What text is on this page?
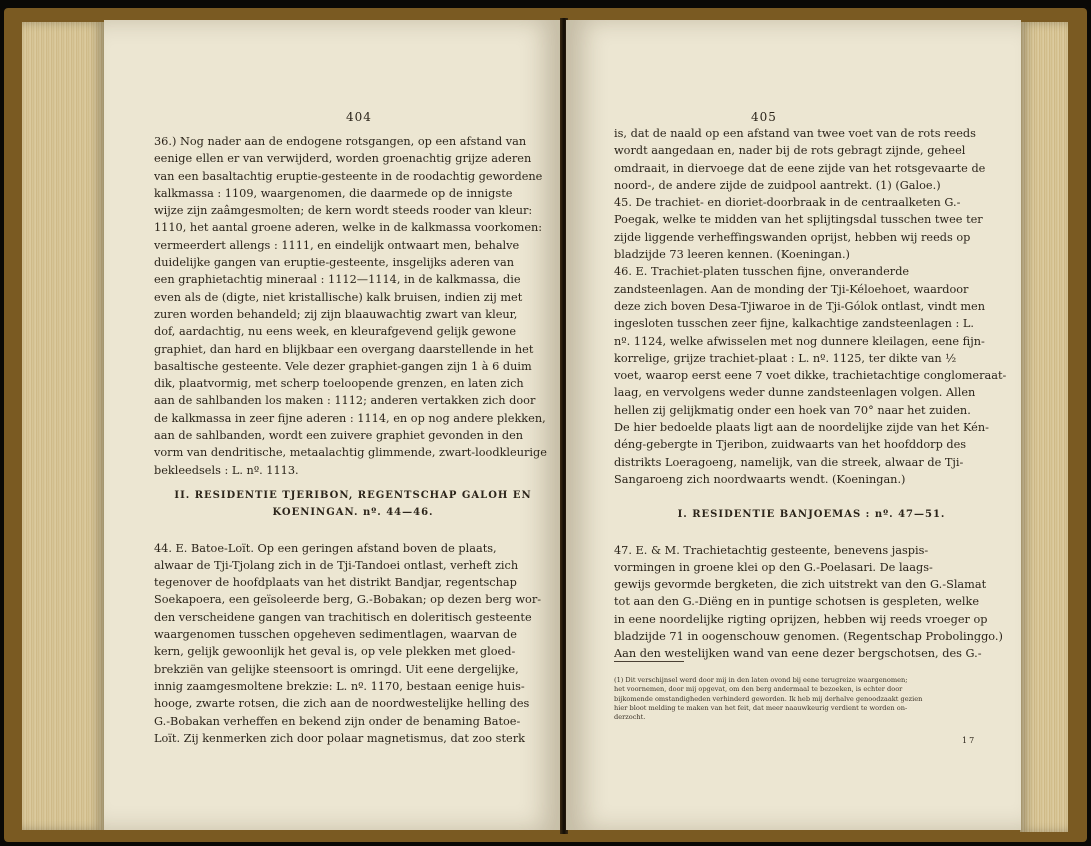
404
36.) Nog nader aan de endogene rotsgangen, op een afstand van
eenige ellen er van verwijderd, worden groenachtig grijze aderen
van een basaltachtig eruptie-gesteente in de roodachtig gewordene
kalkmassa : 1109, waargenomen, die daarmede op de innigste
wijze zijn zaâmgesmolten; de kern wordt steeds rooder van kleur:
1110, het aantal groene aderen, welke in de kalkmassa voorkomen:
vermeerdert allengs : 1111, en eindelijk ontwaart men, behalve
duidelijke gangen van eruptie-gesteente, insgelijks aderen van
een graphietachtig mineraal : 1112—1114, in de kalkmassa, die
even als de (digte, niet kristallische) kalk bruisen, indien zij met
zuren worden behandeld; zij zijn blaauwachtig zwart van kleur,
dof, aardachtig, nu eens week, en kleurafgevend gelijk gewone
graphiet, dan hard en blijkbaar een overgang daarstellende in het
basaltische gesteente. Vele dezer graphiet-gangen zijn 1 à 6 duim
dik, plaatvormig, met scherp toeloopende grenzen, en laten zich
aan de sahlbanden los maken : 1112; anderen vertakken zich door
de kalkmassa in zeer fijne aderen : 1114, en op nog andere plekken,
aan de sahlbanden, wordt een zuivere graphiet gevonden in den
vorm van dendritische, metaalachtig glimmende, zwart-loodkleurige
bekleedsels : L. nº. 1113.
II. RESIDENTIE TJERIBON, REGENTSCHAP GALOH EN
KOENINGAN. nº. 44—46.
44. E. Batoe-Loït. Op een geringen afstand boven de plaats,
alwaar de Tji-Tjolang zich in de Tji-Tandoei ontlast, verheft zich
tegenover de hoofdplaats van het distrikt Bandjar, regentschap
Soekapoera, een geïsoleerde berg, G.-Bobakan; op dezen berg wor-
den verscheidene gangen van trachitisch en doleritisch gesteente
waargenomen tusschen opgeheven sedimentlagen, waarvan de
kern, gelijk gewoonlijk het geval is, op vele plekken met gloed-
brekziën van gelijke steensoort is omringd. Uit eene dergelijke,
innig zaamgesmoltene brekzie: L. nº. 1170, bestaan eenige huis-
hooge, zwarte rotsen, die zich aan de noordwestelijke helling des
G.-Bobakan verheffen en bekend zijn onder de benaming Batoe-
Loït. Zij kenmerken zich door polaar magnetismus, dat zoo sterk
405
is, dat de naald op een afstand van twee voet van de rots reeds
wordt aangedaan en, nader bij de rots gebragt zijnde, geheel
omdraait, in diervoege dat de eene zijde van het rotsgevaarte de
noord-, de andere zijde de zuidpool aantrekt. (1) (Galoe.)
45. De trachiet- en dioriet-doorbraak in de centraalketen G.-
Poegak, welke te midden van het splijtingsdal tusschen twee ter
zijde liggende verheffingswanden oprijst, hebben wij reeds op
bladzijde 73 leeren kennen. (Koeningan.)
46. E. Trachiet-platen tusschen fijne, onveranderde
zandsteenlagen. Aan de monding der Tji-Kéloehoet, waardoor
deze zich boven Desa-Tjiwaroe in de Tji-Gólok ontlast, vindt men
ingesloten tusschen zeer fijne, kalkachtige zandsteenlagen : L.
nº. 1124, welke afwisselen met nog dunnere kleilagen, eene fijn-
korrelige, grijze trachiet-plaat : L. nº. 1125, ter dikte van ½
voet, waarop eerst eene 7 voet dikke, trachietachtige conglomeraat-
laag, en vervolgens weder dunne zandsteenlagen volgen. Allen
hellen zij gelijkmatig onder een hoek van 70° naar het zuiden.
De hier bedoelde plaats ligt aan de noordelijke zijde van het Kén-
déng-gebergte in Tjeribon, zuidwaarts van het hoofddorp des
distrikts Loeragoeng, namelijk, van die streek, alwaar de Tji-
Sangaroeng zich noordwaarts wendt. (Koeningan.)
I. RESIDENTIE BANJOEMAS : nº. 47—51.
47. E. & M. Trachietachtig gesteente, benevens jaspis-
vormingen in groene klei op den G.-Poelasari. De laags-
gewijs gevormde bergketen, die zich uitstrekt van den G.-Slamat
tot aan den G.-Diëng en in puntige schotsen is gespleten, welke
in eene noordelijke rigting oprijzen, hebben wij reeds vroeger op
bladzijde 71 in oogenschouw genomen. (Regentschap Probolinggo.)
Aan den westelijken wand van eene dezer bergschotsen, des G.-
(1) Dit verschijnsel werd door mij in den laten ovond bij eene terugreize waargenomen;
het voornemen, door mij opgevat, om den berg andermaal te bezoeken, is echter door
bijkomende omstandigheden verhinderd geworden. Ik heb mij derhalve genoodzaakt gezien
hier bloot melding te maken van het feit, dat meer naauwkeurig verdient te worden on-
derzocht.
17
